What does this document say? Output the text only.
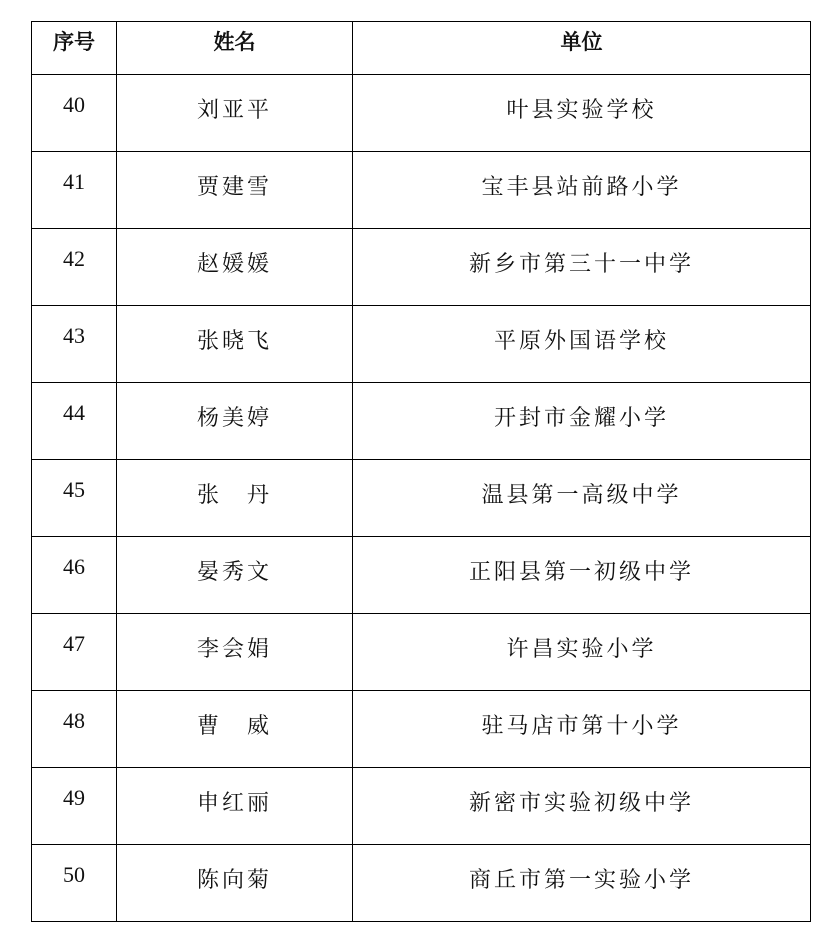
序号	姓名	单位
40	刘亚平	叶县实验学校
41	贾建雪	宝丰县站前路小学
42	赵媛媛	新乡市第三十一中学
43	张晓飞	平原外国语学校
44	杨美婷	开封市金耀小学
45	张　丹	温县第一高级中学
46	晏秀文	正阳县第一初级中学
47	李会娟	许昌实验小学
48	曹　威	驻马店市第十小学
49	申红丽	新密市实验初级中学
50	陈向菊	商丘市第一实验小学
